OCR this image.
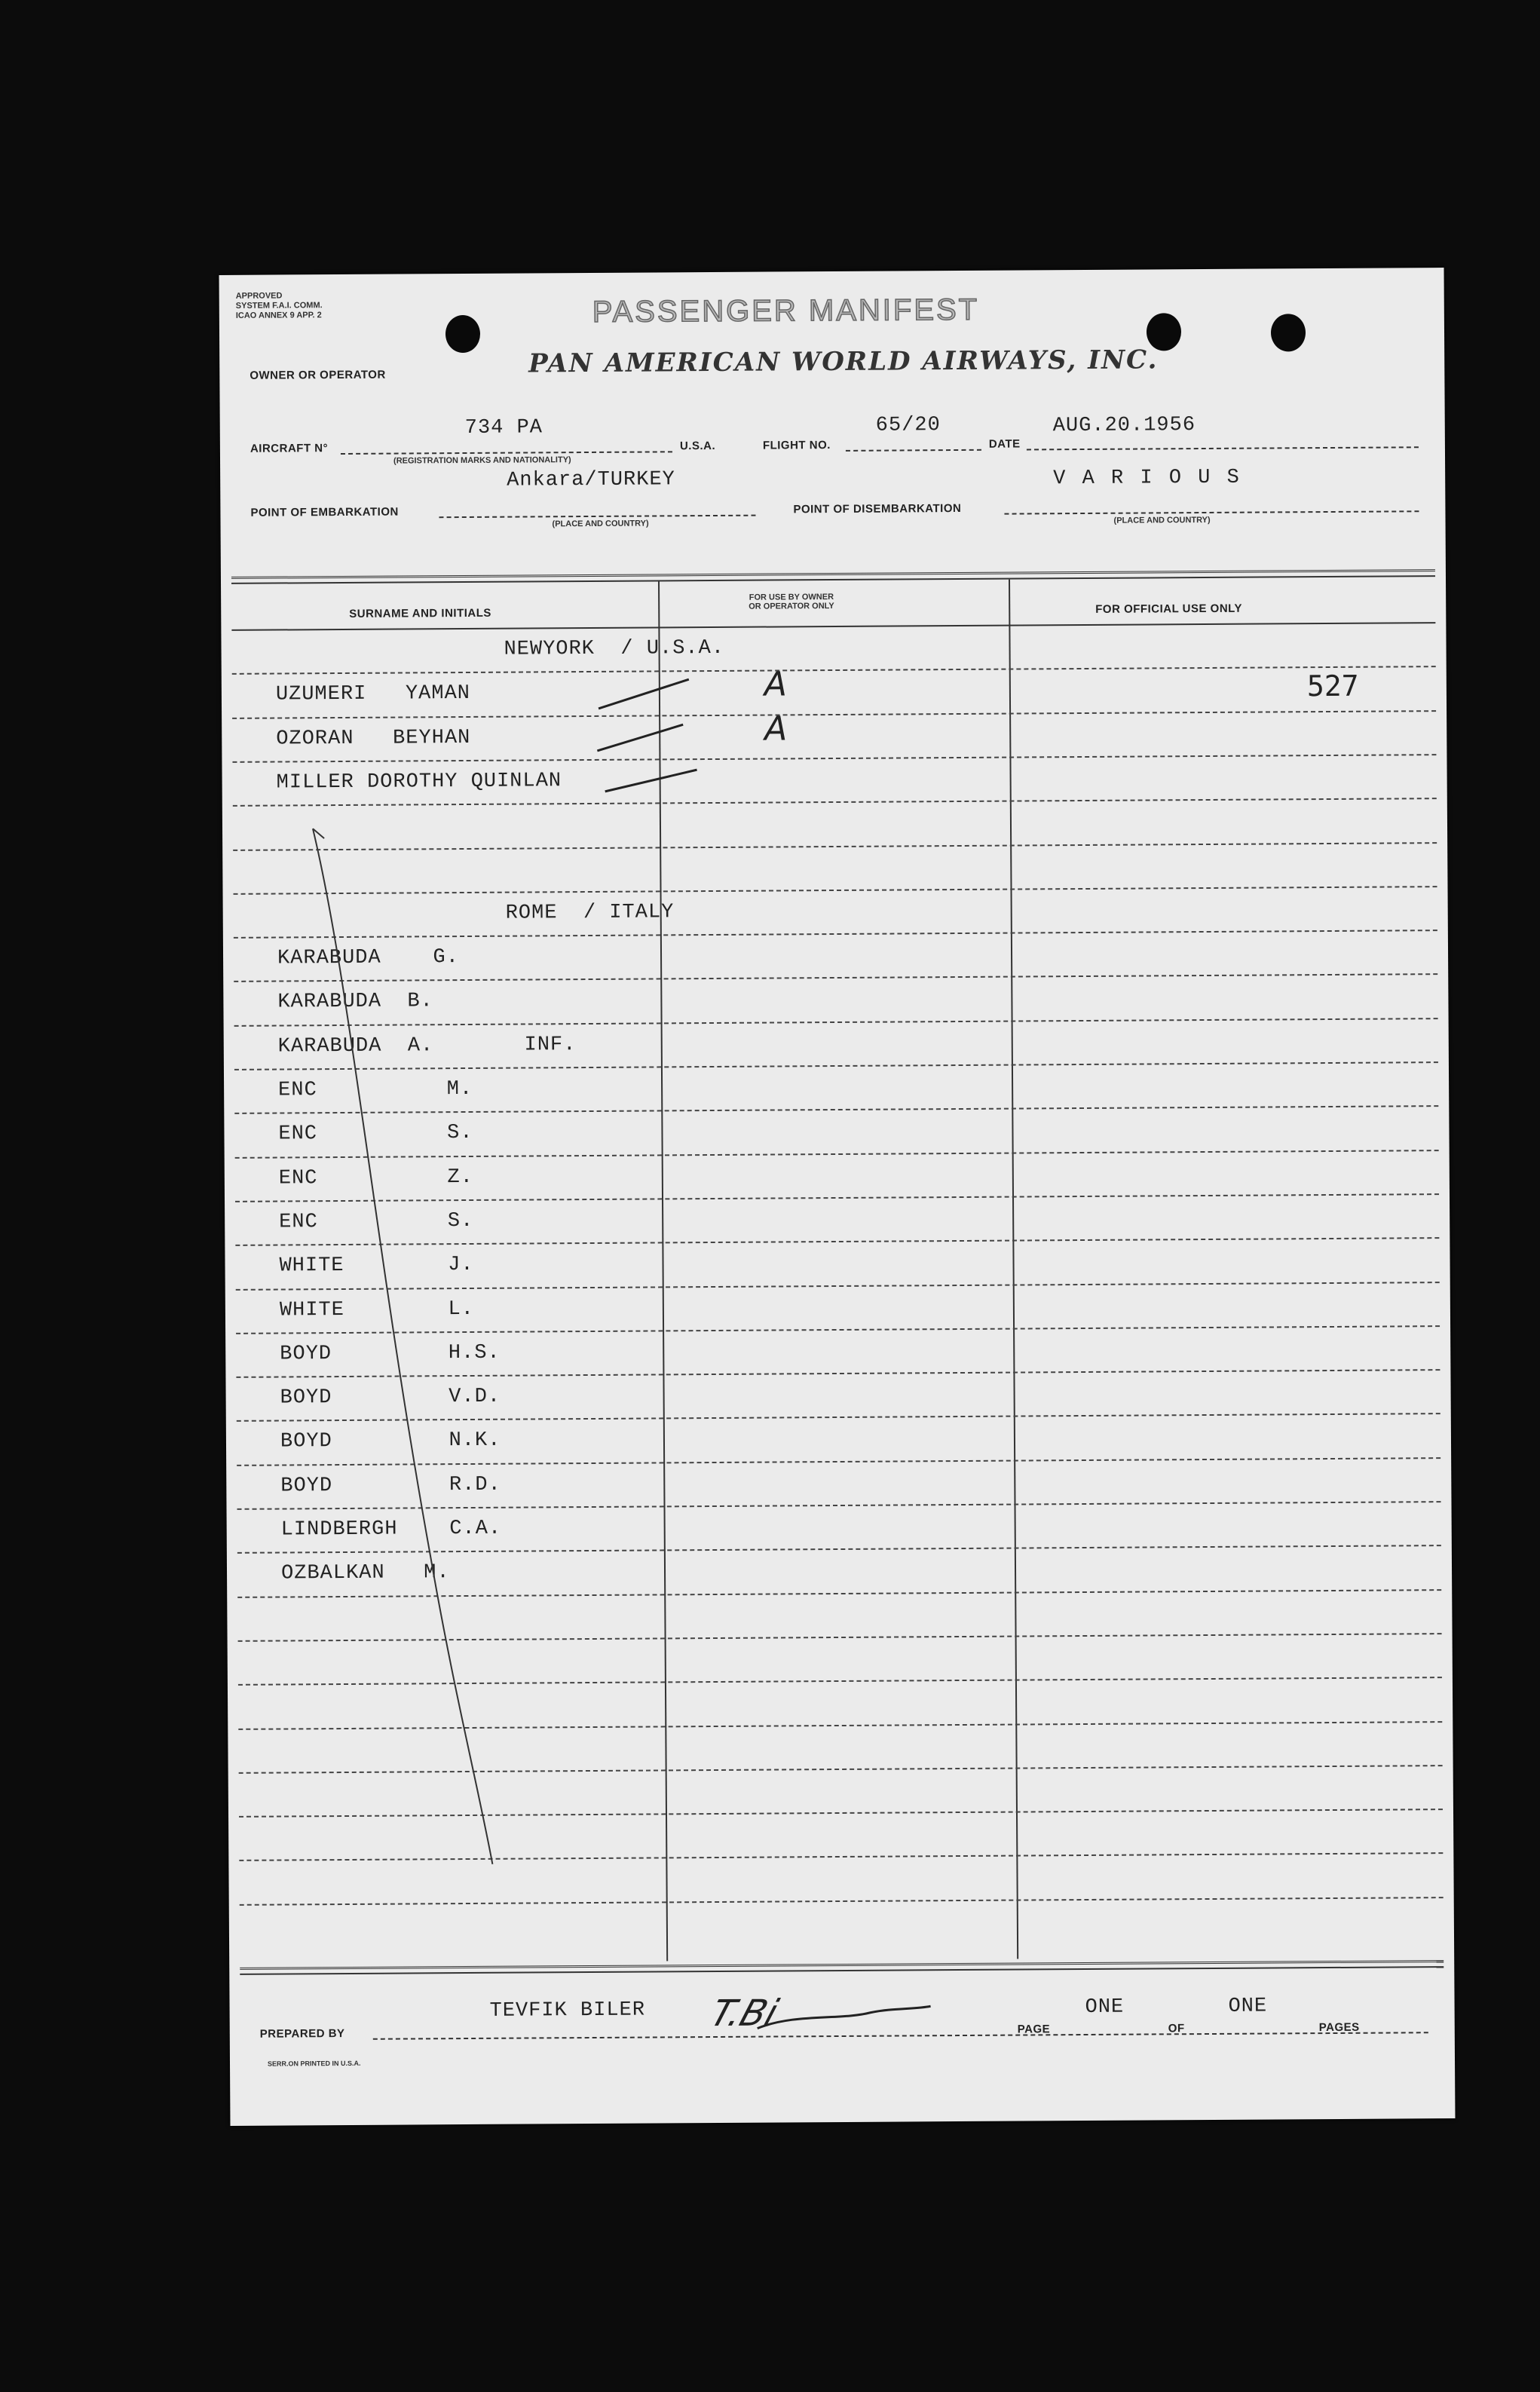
APPROVED
SYSTEM F.A.I. COMM.
ICAO ANNEX 9 APP. 2	PASSENGER MANIFEST
OWNER OR OPERATOR	PAN AMERICAN WORLD AIRWAYS, INC.
AIRCRAFT N°
734 PA
(REGISTRATION MARKS AND NATIONALITY)
U.S.A.	FLIGHT NO.
65/20
DATE
AUG.20.1956
POINT OF EMBARKATION
Ankara/TURKEY
(PLACE AND COUNTRY)
POINT OF DISEMBARKATION
V A R I O U S
(PLACE AND COUNTRY)
SURNAME AND INITIALS
FOR USE BY OWNER
OR OPERATOR ONLY	FOR OFFICIAL USE ONLY
NEWYORK  / U.S.A.
UZUMERI   YAMAN	A	527
OZORAN   BEYHAN	A
MILLER DOROTHY QUINLAN
ROME  / ITALY
KARABUDA    G.
KARABUDA  B.
KARABUDA  A.       INF.
ENC          M.
ENC          S.
ENC          Z.
ENC          S.
WHITE        J.
WHITE        L.
BOYD         H.S.
BOYD         V.D.
BOYD         N.K.
BOYD         R.D.
LINDBERGH    C.A.
OZBALKAN   M.
PREPARED BY
TEVFIK BILER T.Bi	PAGE
ONE
OF
ONE
PAGES
SERR.ON PRINTED IN U.S.A.
